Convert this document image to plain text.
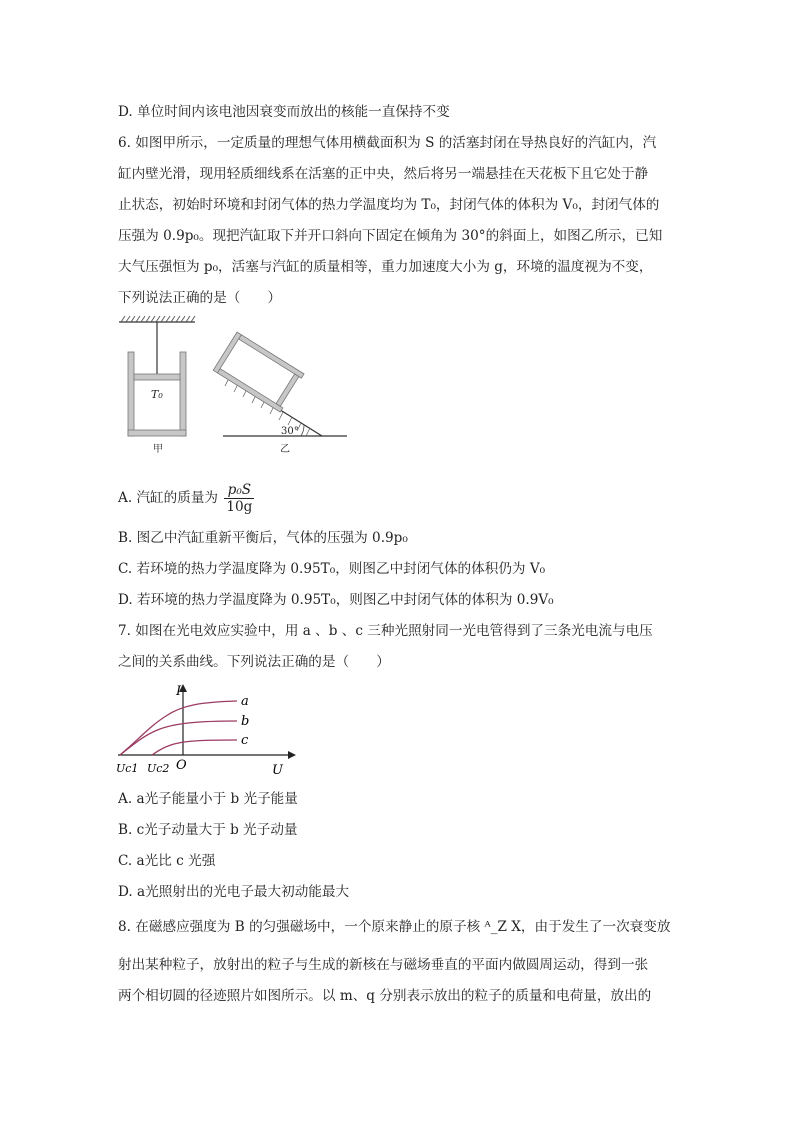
D. 单位时间内该电池因衰变而放出的核能一直保持不变
6. 如图甲所示，一定质量的理想气体用横截面积为 S 的活塞封闭在导热良好的汽缸内，汽
缸内壁光滑，现用轻质细线系在活塞的正中央，然后将另一端悬挂在天花板下且它处于静
止状态，初始时环境和封闭气体的热力学温度均为 T₀，封闭气体的体积为 V₀，封闭气体的
压强为 0.9p₀。现把汽缸取下并开口斜向下固定在倾角为 30°的斜面上，如图乙所示，已知
大气压强恒为 p₀，活塞与汽缸的质量相等，重力加速度大小为 g，环境的温度视为不变，
下列说法正确的是（　　）
T₀
甲
30°
乙
A. 汽缸的质量为 $\frac{\text{p₀S}}{10g}$
B. 图乙中汽缸重新平衡后，气体的压强为 0.9p₀
C. 若环境的热力学温度降为 0.95T₀，则图乙中封闭气体的体积仍为 V₀
D. 若环境的热力学温度降为 0.95T₀，则图乙中封闭气体的体积为 0.9V₀
7. 如图在光电效应实验中，用 a 、b 、c 三种光照射同一光电管得到了三条光电流与电压
之间的关系曲线。下列说法正确的是（　　）
I
U
O
a
b
c
Uc1 Uc2
A. a光子能量小于 b 光子能量
B. c光子动量大于 b 光子动量
C. a光比 c 光强
D. a光照射出的光电子最大初动能最大
8. 在磁感应强度为 B 的匀强磁场中，一个原来静止的原子核 ᴬ_Z X，由于发生了一次衰变放
射出某种粒子，放射出的粒子与生成的新核在与磁场垂直的平面内做圆周运动，得到一张
两个相切圆的径迹照片如图所示。以 m、q 分别表示放出的粒子的质量和电荷量，放出的
